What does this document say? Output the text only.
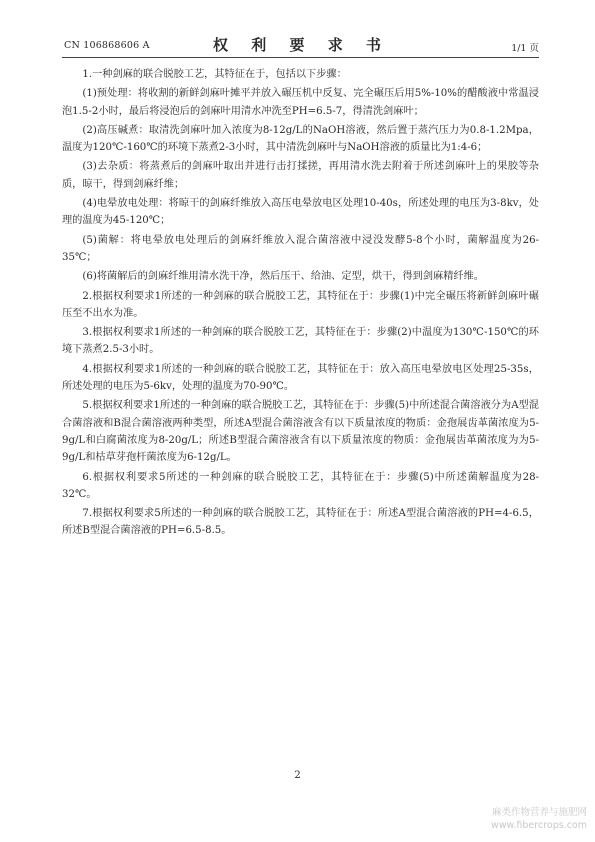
CN 106868606 A	权 利 要 求 书	1/1 页

1.一种剑麻的联合脱胶工艺，其特征在于，包括以下步骤：

(1)预处理：将收割的新鲜剑麻叶摊平并放入碾压机中反复、完全碾压后用5%-10%的醋酸液中常温浸泡1.5-2小时，最后将浸泡后的剑麻叶用清水冲洗至PH=6.5-7，得清洗剑麻叶；

(2)高压碱煮：取清洗剑麻叶加入浓度为8-12g/L的NaOH溶液，然后置于蒸汽压力为0.8-1.2Mpa，温度为120℃-160℃的环境下蒸煮2-3小时，其中清洗剑麻叶与NaOH溶液的质量比为1:4-6；

(3)去杂质：将蒸煮后的剑麻叶取出并进行击打揉搓，再用清水洗去附着于所述剑麻叶上的果胶等杂质，晾干，得到剑麻纤维；

(4)电晕放电处理：将晾干的剑麻纤维放入高压电晕放电区处理10-40s，所述处理的电压为3-8kv，处理的温度为45-120℃；

(5)菌解：将电晕放电处理后的剑麻纤维放入混合菌溶液中浸没发酵5-8个小时，菌解温度为26-35℃；

(6)将菌解后的剑麻纤维用清水洗干净，然后压干、给油、定型，烘干，得到剑麻精纤维。

2.根据权利要求1所述的一种剑麻的联合脱胶工艺，其特征在于：步骤(1)中完全碾压将新鲜剑麻叶碾压至不出水为准。

3.根据权利要求1所述的一种剑麻的联合脱胶工艺，其特征在于：步骤(2)中温度为130℃-150℃的环境下蒸煮2.5-3小时。

4.根据权利要求1所述的一种剑麻的联合脱胶工艺，其特征在于：放入高压电晕放电区处理25-35s，所述处理的电压为5-6kv，处理的温度为70-90℃。

5.根据权利要求1所述的一种剑麻的联合脱胶工艺，其特征在于：步骤(5)中所述混合菌溶液分为A型混合菌溶液和B混合菌溶液两种类型，所述A型混合菌溶液含有以下质量浓度的物质：金孢展齿革菌浓度为5-9g/L和白腐菌浓度为8-20g/L；所述B型混合菌溶液含有以下质量浓度的物质：金孢展齿革菌浓度为为5-9g/L和枯草芽孢杆菌浓度为6-12g/L。

6.根据权利要求5所述的一种剑麻的联合脱胶工艺，其特征在于：步骤(5)中所述菌解温度为28-32℃。

7.根据权利要求5所述的一种剑麻的联合脱胶工艺，其特征在于：所述A型混合菌溶液的PH=4-6.5，所述B型混合菌溶液的PH=6.5-8.5。

2
麻类作物营养与施肥网
www.fibercrops.com
